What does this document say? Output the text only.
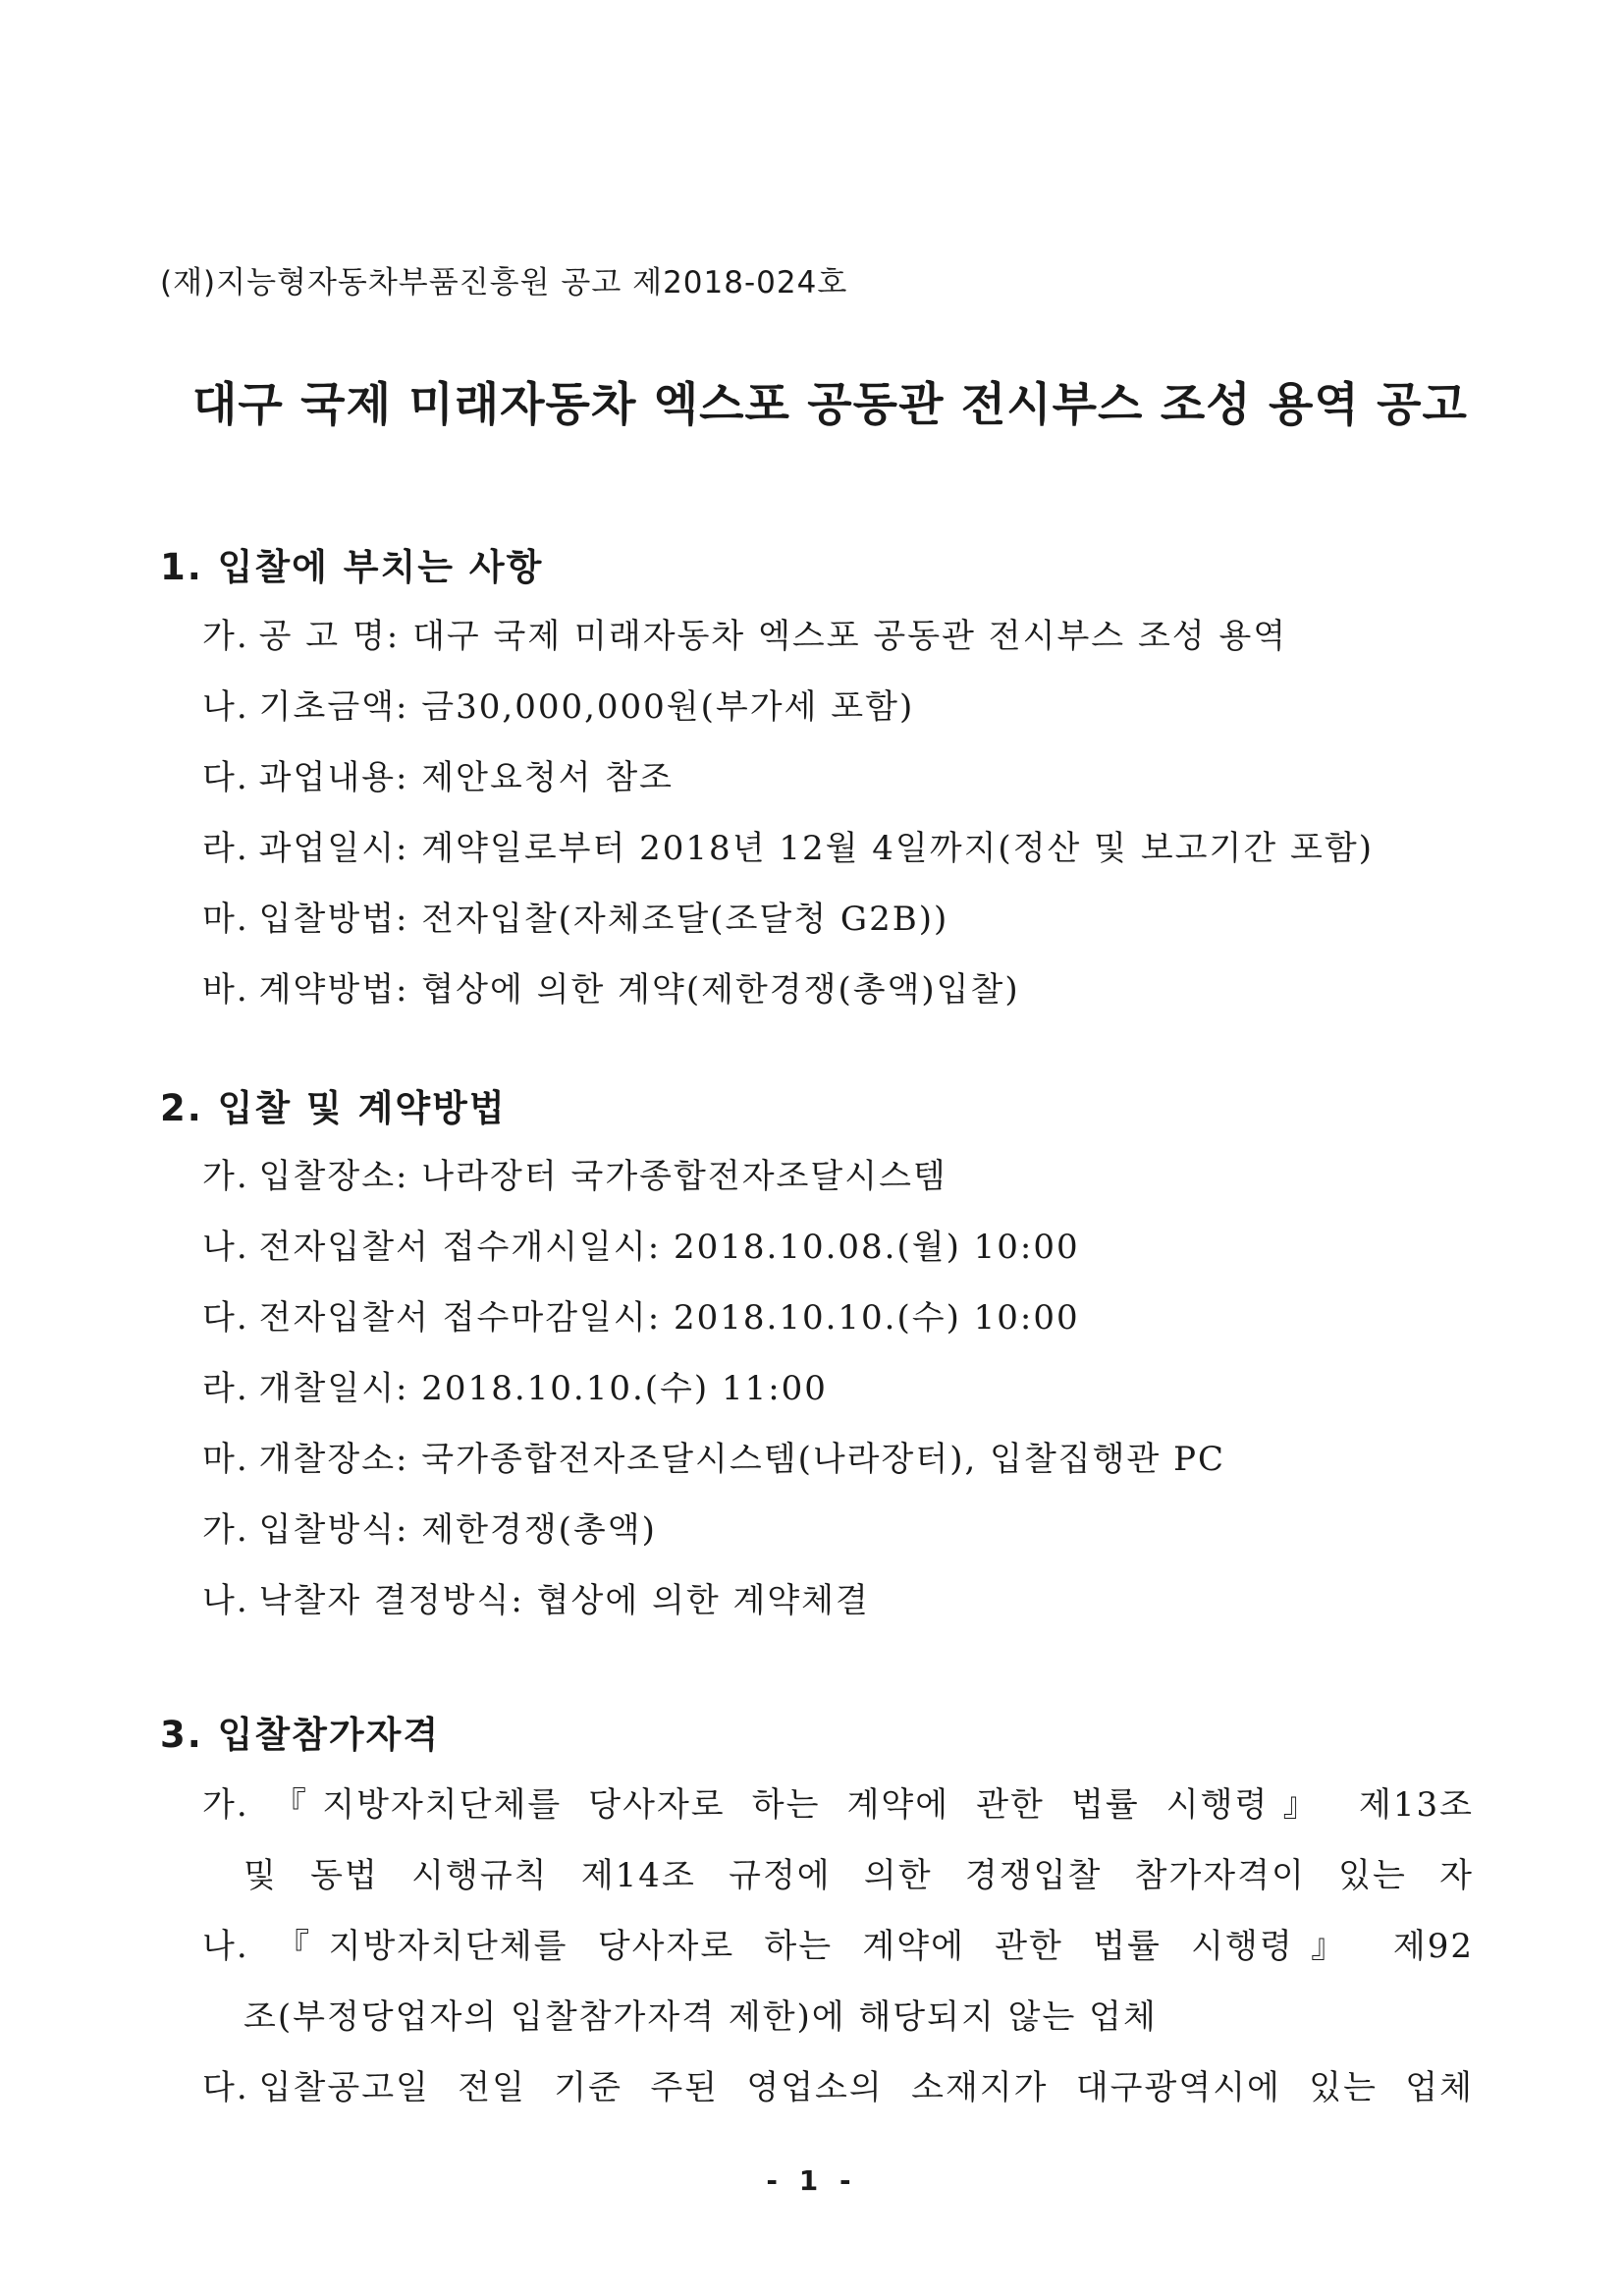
(재)지능형자동차부품진흥원 공고 제2018-024호
대구 국제 미래자동차 엑스포 공동관 전시부스 조성 용역 공고
1. 입찰에 부치는 사항
가. 공 고 명: 대구 국제 미래자동차 엑스포 공동관 전시부스 조성 용역
나. 기초금액: 금30,000,000원(부가세 포함)
다. 과업내용: 제안요청서 참조
라. 과업일시: 계약일로부터 2018년 12월 4일까지(정산 및 보고기간 포함)
마. 입찰방법: 전자입찰(자체조달(조달청 G2B))
바. 계약방법: 협상에 의한 계약(제한경쟁(총액)입찰)
2. 입찰 및 계약방법
가. 입찰장소: 나라장터 국가종합전자조달시스템
나. 전자입찰서 접수개시일시: 2018.10.08.(월) 10:00
다. 전자입찰서 접수마감일시: 2018.10.10.(수) 10:00
라. 개찰일시: 2018.10.10.(수) 11:00
마. 개찰장소: 국가종합전자조달시스템(나라장터), 입찰집행관 PC
가. 입찰방식: 제한경쟁(총액)
나. 낙찰자 결정방식: 협상에 의한 계약체결
3. 입찰참가자격
가. 『지방자치단체를 당사자로 하는 계약에 관한 법률 시행령』 제13조
및 동법 시행규칙 제14조 규정에 의한 경쟁입찰 참가자격이 있는 자
나. 『지방자치단체를 당사자로 하는 계약에 관한 법률 시행령』 제92
조(부정당업자의 입찰참가자격 제한)에 해당되지 않는 업체
다. 입찰공고일 전일 기준 주된 영업소의 소재지가 대구광역시에 있는 업체
- 1 -
